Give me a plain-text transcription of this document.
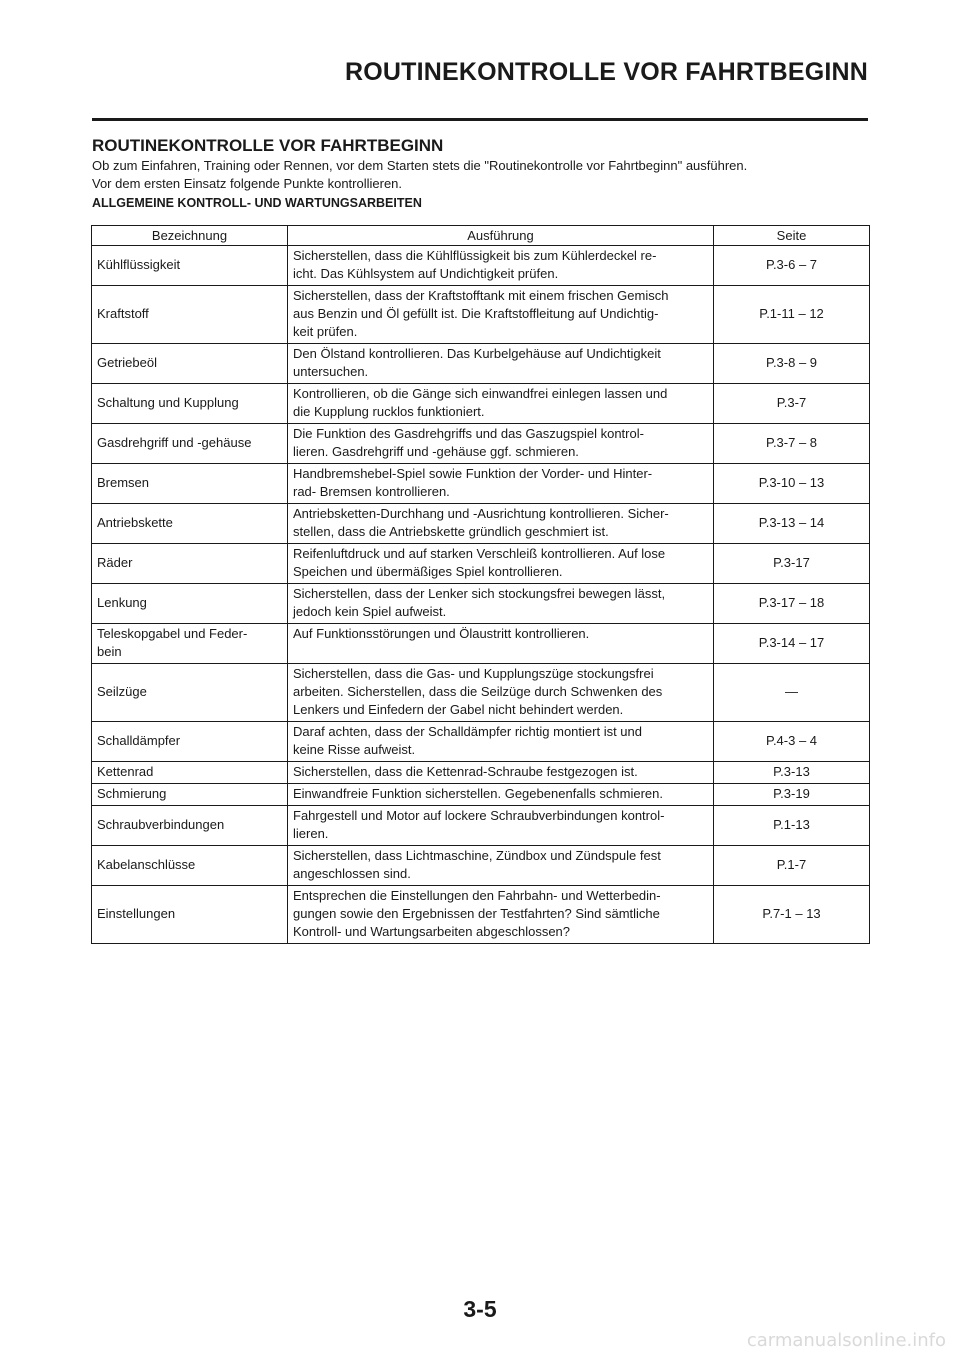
ROUTINEKONTROLLE VOR FAHRTBEGINN
ROUTINEKONTROLLE VOR FAHRTBEGINN
Ob zum Einfahren, Training oder Rennen, vor dem Starten stets die "Routinekontrolle vor Fahrtbeginn" ausführen.
Vor dem ersten Einsatz folgende Punkte kontrollieren.
ALLGEMEINE KONTROLL- UND WARTUNGSARBEITEN
Bezeichnung	Ausführung	Seite

Kühlflüssigkeit	Sicherstellen, dass die Kühlflüssigkeit bis zum Kühlerdeckel re-
icht. Das Kühlsystem auf Undichtigkeit prüfen.	P.3-6 – 7

Kraftstoff	Sicherstellen, dass der Kraftstofftank mit einem frischen Gemisch
aus Benzin und Öl gefüllt ist. Die Kraftstoffleitung auf Undichtig-
keit prüfen.	P.1-11 – 12

Getriebeöl	Den Ölstand kontrollieren. Das Kurbelgehäuse auf Undichtigkeit
untersuchen.	P.3-8 – 9

Schaltung und Kupplung	Kontrollieren, ob die Gänge sich einwandfrei einlegen lassen und
die Kupplung rucklos funktioniert.	P.3-7

Gasdrehgriff und -gehäuse	Die Funktion des Gasdrehgriffs und das Gaszugspiel kontrol-
lieren. Gasdrehgriff und -gehäuse ggf. schmieren.	P.3-7 – 8

Bremsen	Handbremshebel-Spiel sowie Funktion der Vorder- und Hinter-
rad- Bremsen kontrollieren.	P.3-10 – 13

Antriebskette	Antriebsketten-Durchhang und -Ausrichtung kontrollieren. Sicher-
stellen, dass die Antriebskette gründlich geschmiert ist.	P.3-13 – 14

Räder	Reifenluftdruck und auf starken Verschleiß kontrollieren. Auf lose
Speichen und übermäßiges Spiel kontrollieren.	P.3-17

Lenkung	Sicherstellen, dass der Lenker sich stockungsfrei bewegen lässt,
jedoch kein Spiel aufweist.	P.3-17 – 18

Teleskopgabel und Feder-
bein	Auf Funktionsstörungen und Ölaustritt kontrollieren.	P.3-14 – 17

Seilzüge	Sicherstellen, dass die Gas- und Kupplungszüge stockungsfrei
arbeiten. Sicherstellen, dass die Seilzüge durch Schwenken des
Lenkers und Einfedern der Gabel nicht behindert werden.	—

Schalldämpfer	Daraf achten, dass der Schalldämpfer richtig montiert ist und
keine Risse aufweist.	P.4-3 – 4

Kettenrad	Sicherstellen, dass die Kettenrad-Schraube festgezogen ist.	P.3-13

Schmierung	Einwandfreie Funktion sicherstellen. Gegebenenfalls schmieren.	P.3-19

Schraubverbindungen	Fahrgestell und Motor auf lockere Schraubverbindungen kontrol-
lieren.	P.1-13

Kabelanschlüsse	Sicherstellen, dass Lichtmaschine, Zündbox und Zündspule fest
angeschlossen sind.	P.1-7

Einstellungen	Entsprechen die Einstellungen den Fahrbahn- und Wetterbedin-
gungen sowie den Ergebnissen der Testfahrten? Sind sämtliche
Kontroll- und Wartungsarbeiten abgeschlossen?	P.7-1 – 13
3-5
carmanualsonline.info
